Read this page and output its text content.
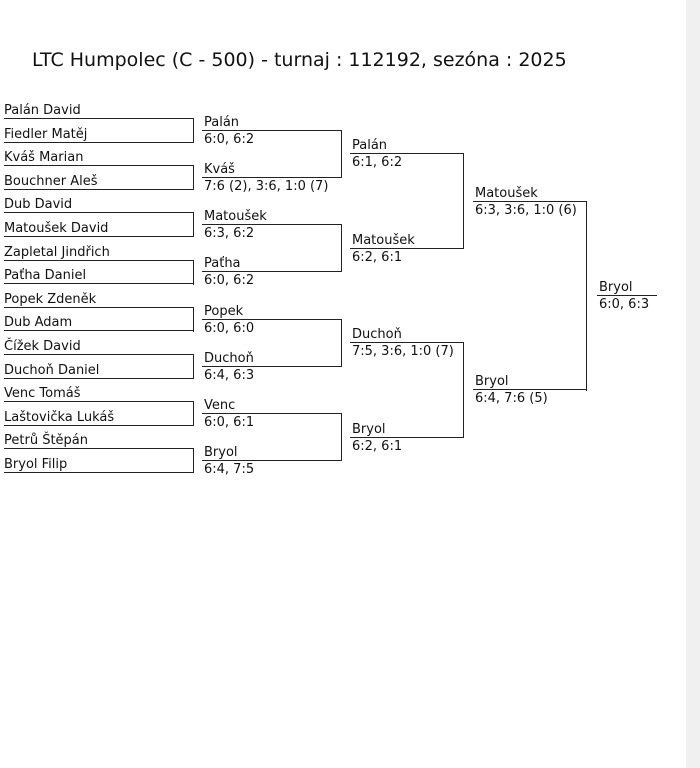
LTC Humpolec (C - 500) - turnaj : 112192, sezóna : 2025
Palán David
Fiedler Matěj
Kváš Marian
Bouchner Aleš
Dub David
Matoušek David
Zapletal Jindřich
Paťha Daniel
Popek Zdeněk
Dub Adam
Čížek David
Duchoň Daniel
Venc Tomáš
Laštovička Lukáš
Petrů Štěpán
Bryol Filip
Palán
6:0, 6:2
Kváš
7:6 (2), 3:6, 1:0 (7)
Matoušek
6:3, 6:2
Paťha
6:0, 6:2
Popek
6:0, 6:0
Duchoň
6:4, 6:3
Venc
6:0, 6:1
Bryol
6:4, 7:5
Palán
6:1, 6:2
Matoušek
6:2, 6:1
Duchoň
7:5, 3:6, 1:0 (7)
Bryol
6:2, 6:1
Matoušek
6:3, 3:6, 1:0 (6)
Bryol
6:4, 7:6 (5)
Bryol
6:0, 6:3
